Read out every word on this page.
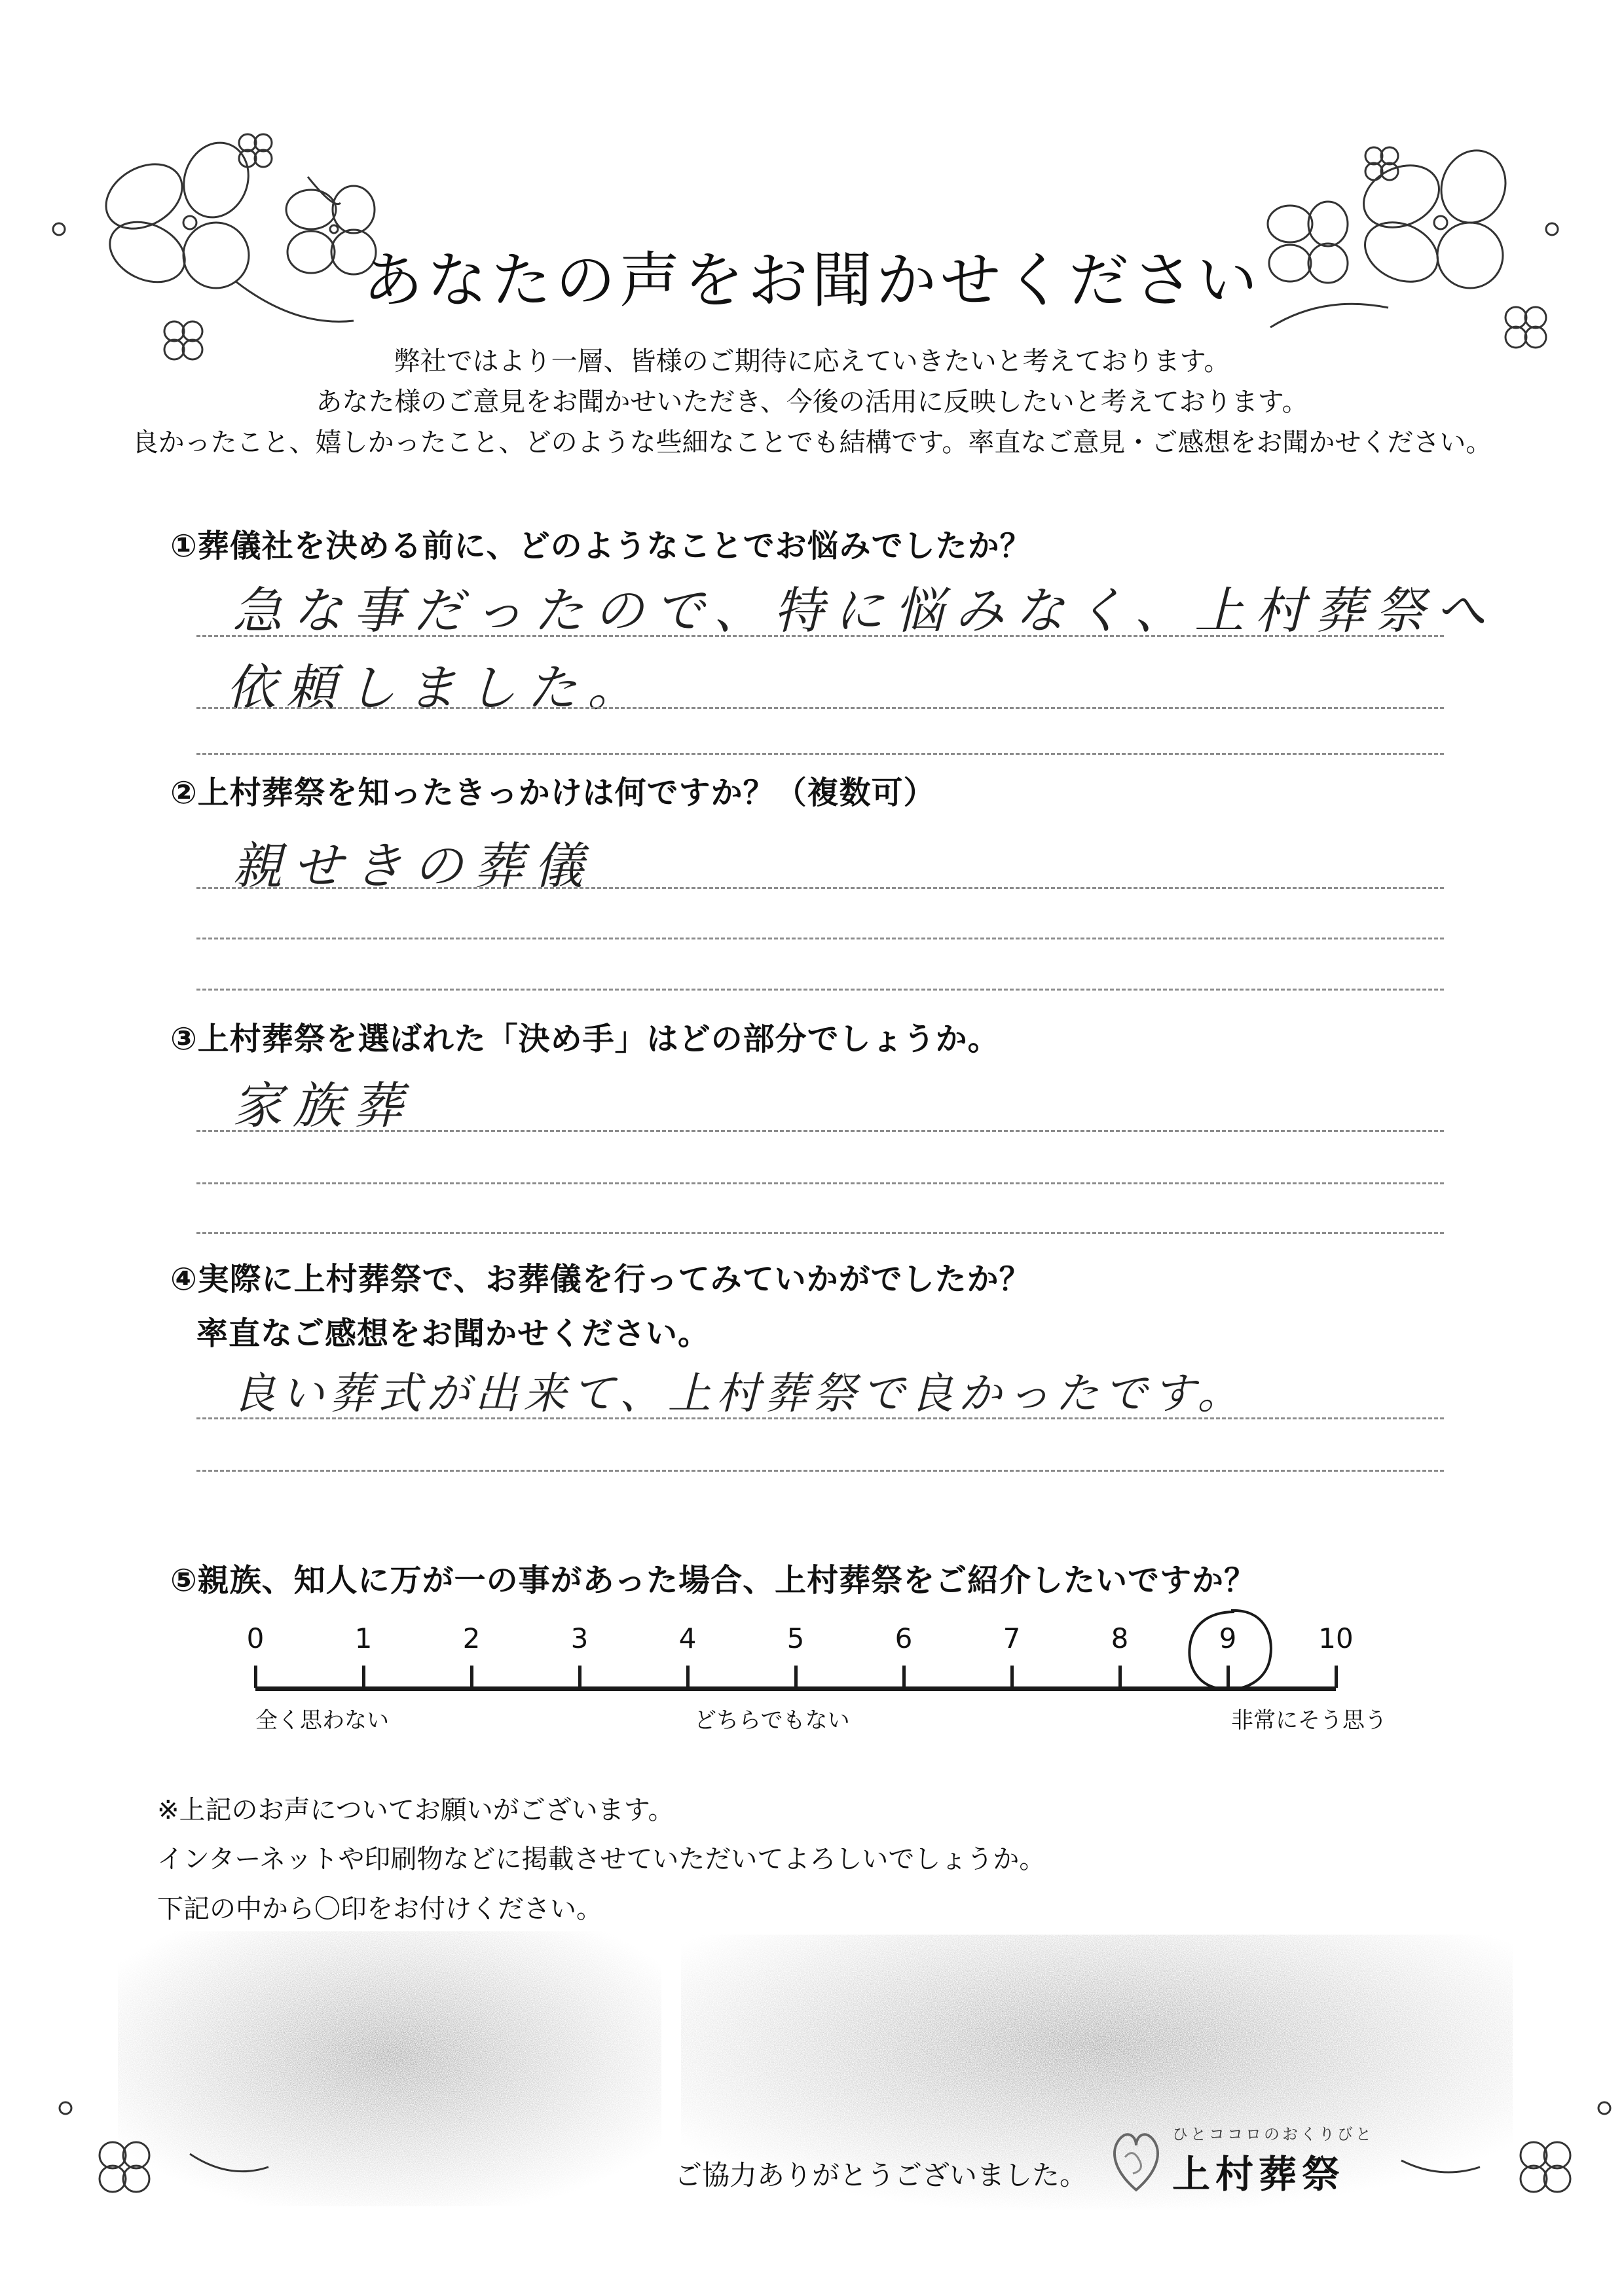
あなたの声をお聞かせください
弊社ではより一層、皆様のご期待に応えていきたいと考えております。
あなた様のご意見をお聞かせいただき、今後の活用に反映したいと考えております。
良かったこと、嬉しかったこと、どのような些細なことでも結構です。率直なご意見・ご感想をお聞かせください。
①葬儀社を決める前に、どのようなことでお悩みでしたか？
急な事だったので、特に悩みなく、上村葬祭へ
依頼しました。
②上村葬祭を知ったきっかけは何ですか？（複数可）
親せきの葬儀
③上村葬祭を選ばれた「決め手」はどの部分でしょうか。
家族葬
④実際に上村葬祭で、お葬儀を行ってみていかがでしたか？
率直なご感想をお聞かせください。
良い葬式が出来て、上村葬祭で良かったです。
⑤親族、知人に万が一の事があった場合、上村葬祭をご紹介したいですか？
全く思わない	どちらでもない	非常にそう思う
0	1	2	3	4	5	6	7	8	9	10
※上記のお声についてお願いがございます。
インターネットや印刷物などに掲載させていただいてよろしいでしょうか。
下記の中から〇印をお付けください。
ご協力ありがとうございました。
ひとココロのおくりびと
上村葬祭
